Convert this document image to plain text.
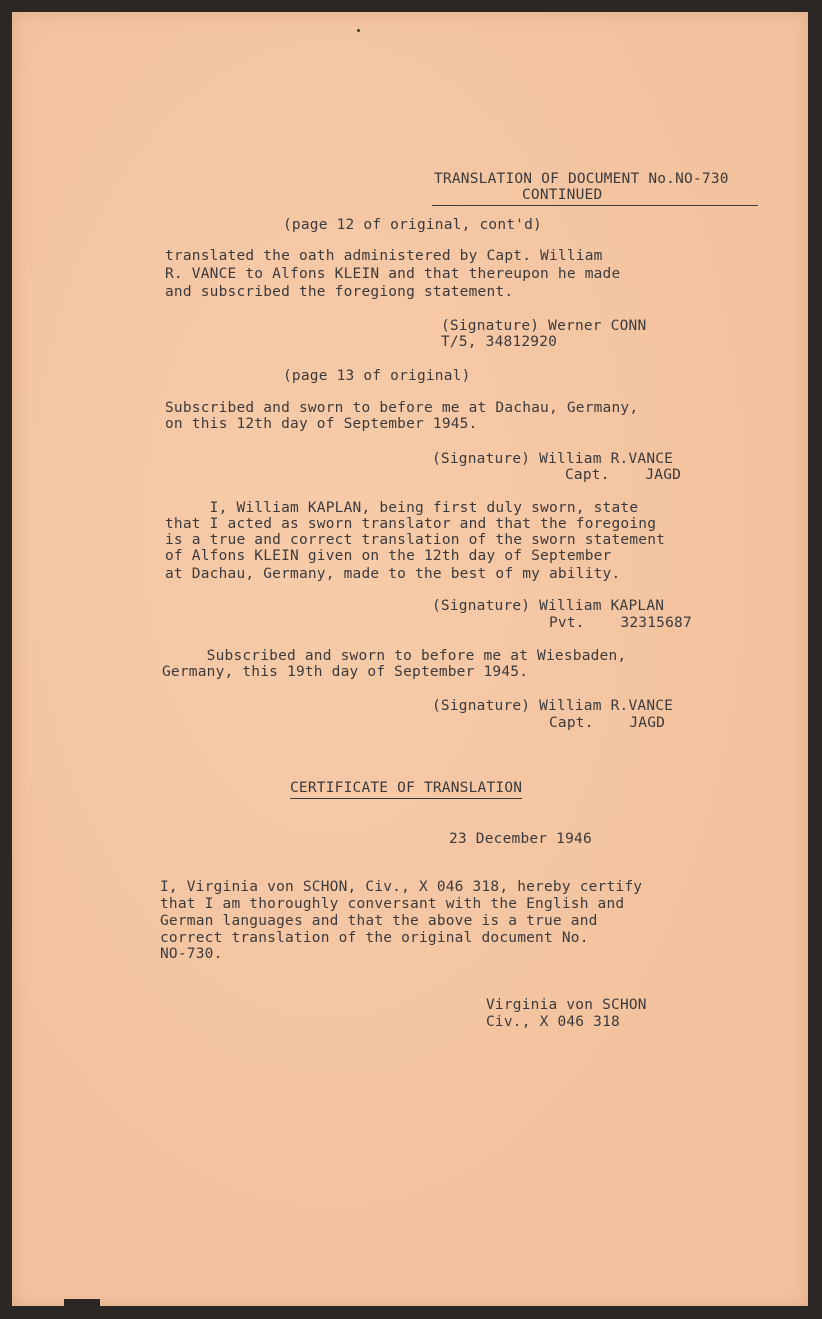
TRANSLATION OF DOCUMENT No.NO-730
CONTINUED
(page 12 of original, cont'd)
translated the oath administered by Capt. William
R. VANCE to Alfons KLEIN and that thereupon he made
and subscribed the foregiong statement.
(Signature) Werner CONN
T/5, 34812920
(page 13 of original)
Subscribed and sworn to before me at Dachau, Germany,
on this 12th day of September 1945.
(Signature) William R.VANCE
Capt.    JAGD
I, William KAPLAN, being first duly sworn, state
that I acted as sworn translator and that the foregoing
is a true and correct translation of the sworn statement
of Alfons KLEIN given on the 12th day of September
at Dachau, Germany, made to the best of my ability.
(Signature) William KAPLAN
Pvt.    32315687
Subscribed and sworn to before me at Wiesbaden,
Germany, this 19th day of September 1945.
(Signature) William R.VANCE
Capt.    JAGD
CERTIFICATE OF TRANSLATION
23 December 1946
I, Virginia von SCHON, Civ., X 046 318, hereby certify
that I am thoroughly conversant with the English and
German languages and that the above is a true and
correct translation of the original document No.
NO-730.
Virginia von SCHON
Civ., X 046 318
